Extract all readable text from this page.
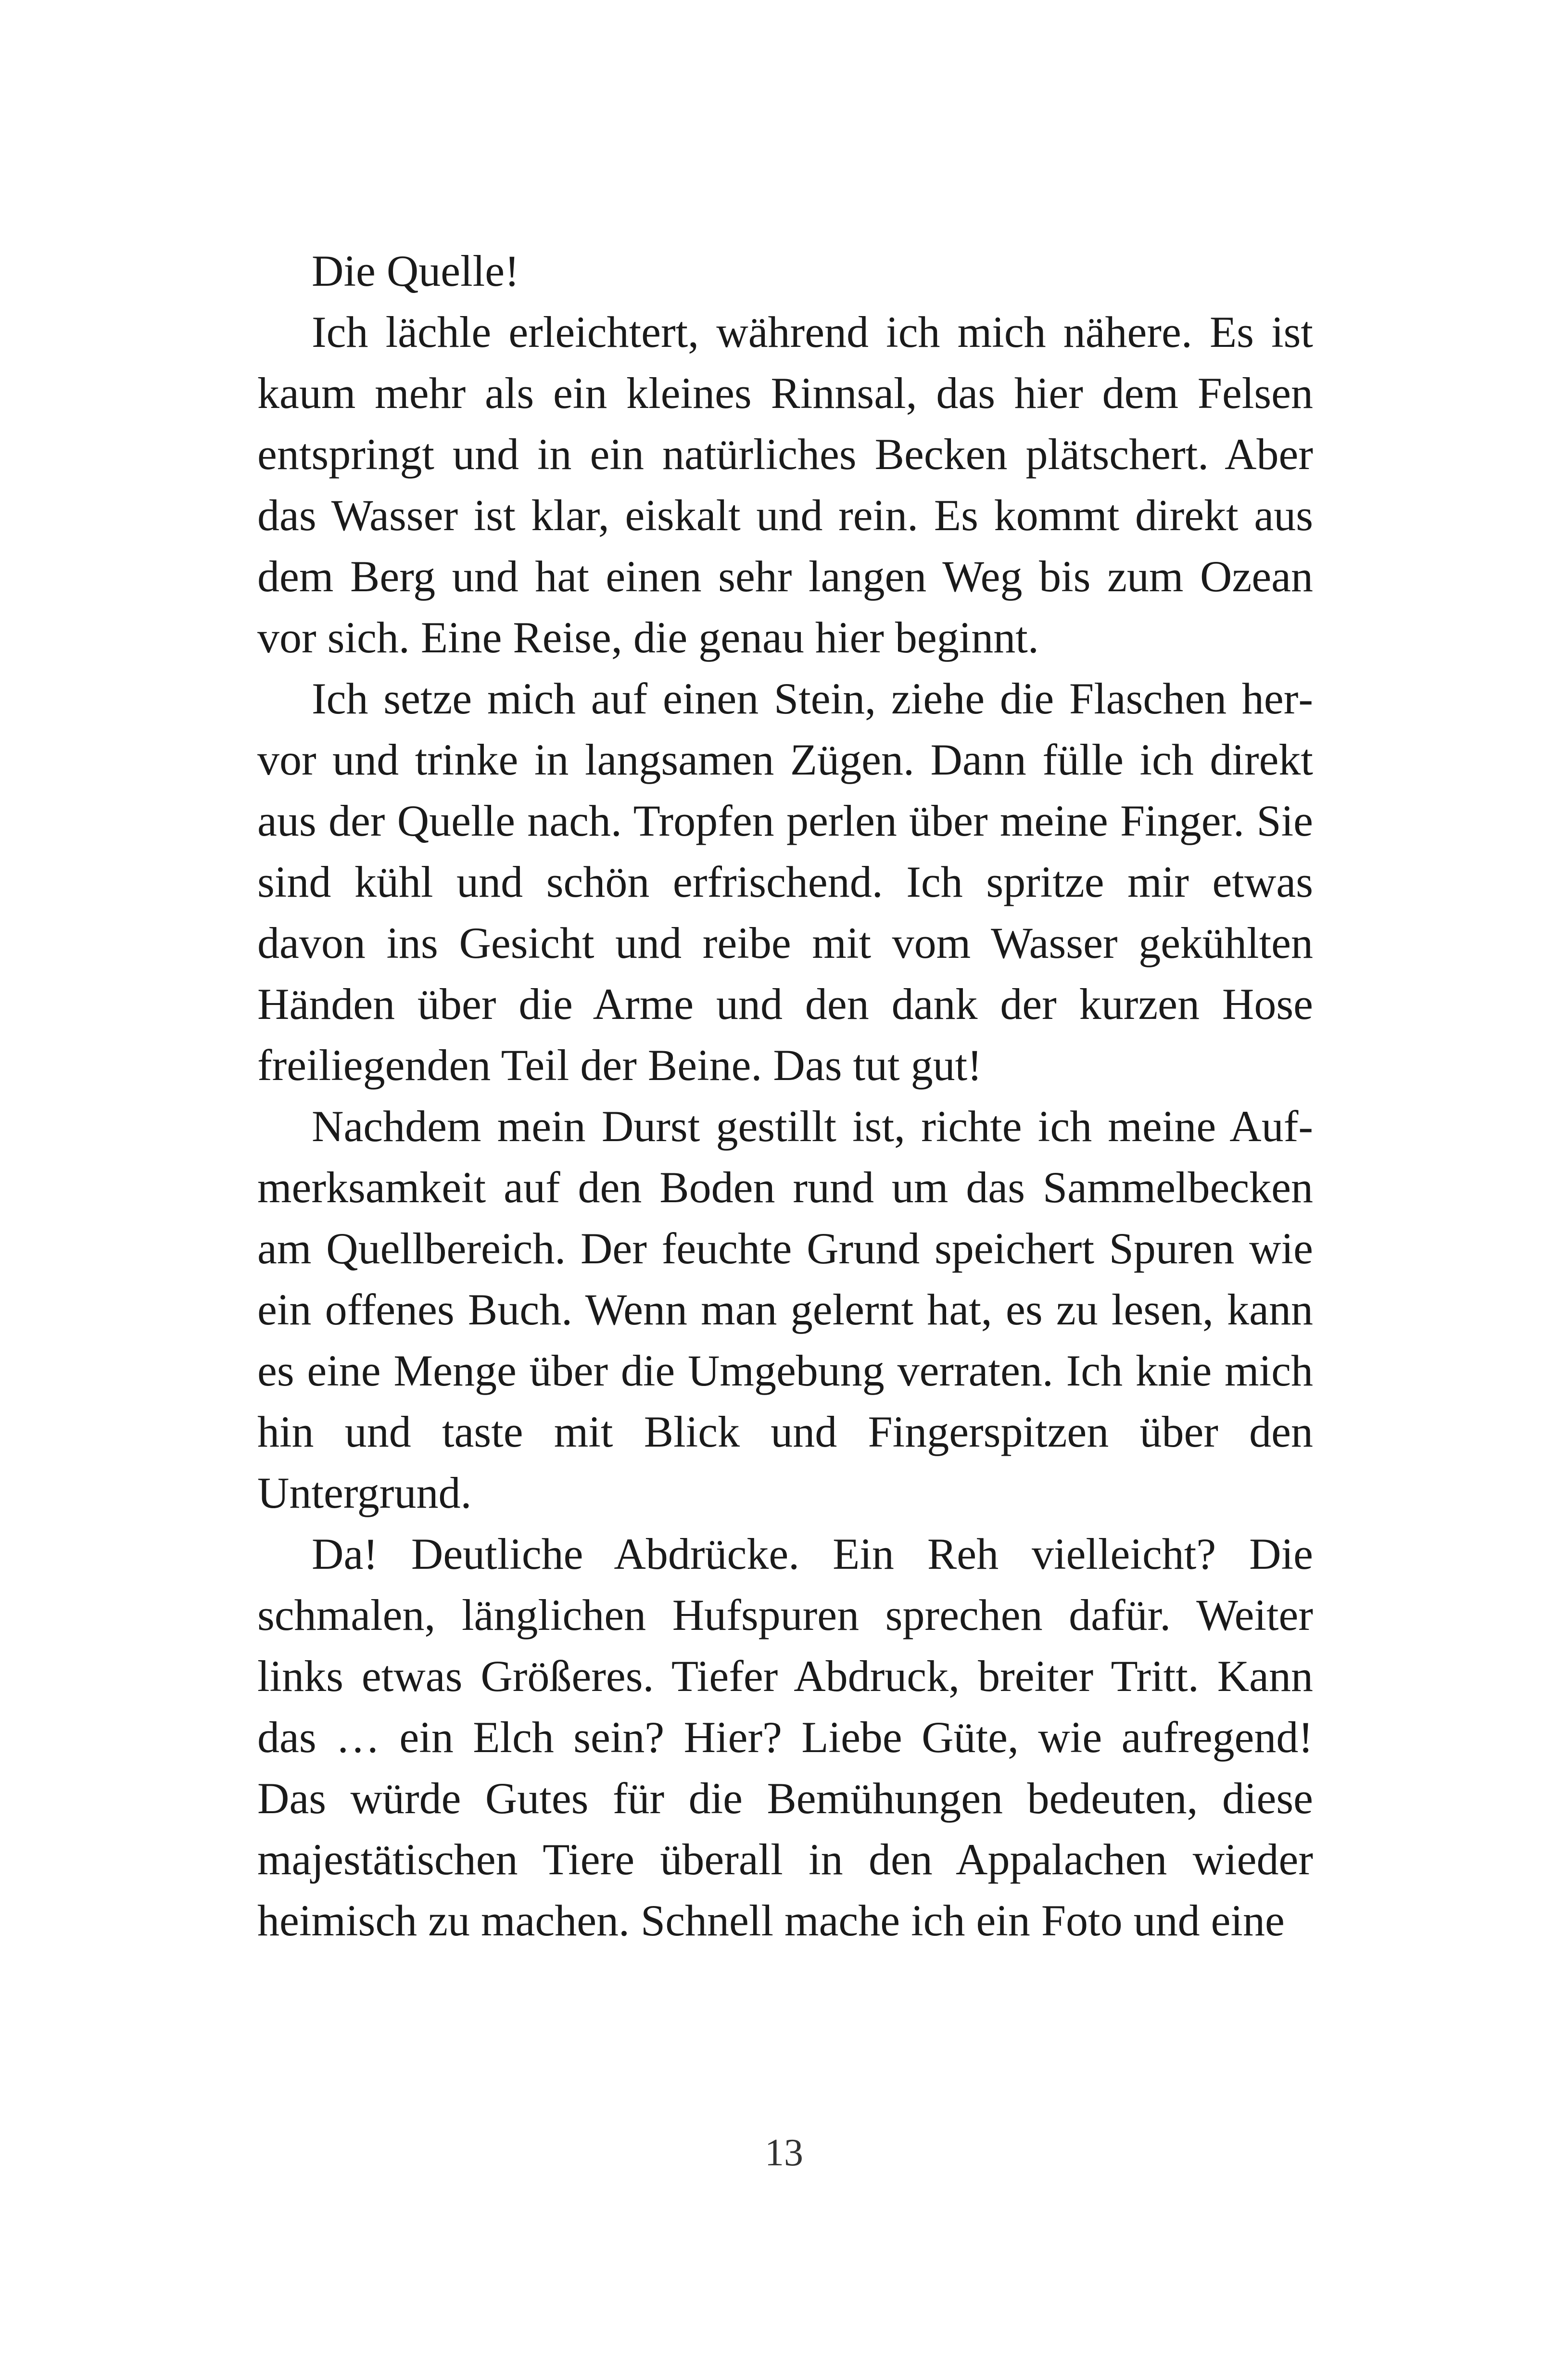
Die Quelle!

Ich lächle erleichtert, während ich mich nähere. Es ist kaum mehr als ein kleines Rinnsal, das hier dem Felsen entspringt und in ein natürliches Becken plätschert. Aber das Wasser ist klar, eiskalt und rein. Es kommt direkt aus dem Berg und hat einen sehr langen Weg bis zum Ozean vor sich. Eine Reise, die genau hier beginnt.

Ich setze mich auf einen Stein, ziehe die Flaschen hervor und trinke in langsamen Zügen. Dann fülle ich direkt aus der Quelle nach. Tropfen perlen über meine Finger. Sie sind kühl und schön erfrischend. Ich spritze mir etwas davon ins Gesicht und reibe mit vom Wasser gekühlten Händen über die Arme und den dank der kurzen Hose freiliegenden Teil der Beine. Das tut gut!

Nachdem mein Durst gestillt ist, richte ich meine Aufmerksamkeit auf den Boden rund um das Sammelbecken am Quellbereich. Der feuchte Grund speichert Spuren wie ein offenes Buch. Wenn man gelernt hat, es zu lesen, kann es eine Menge über die Umgebung verraten. Ich knie mich hin und taste mit Blick und Fingerspitzen über den Untergrund.

Da! Deutliche Abdrücke. Ein Reh vielleicht? Die schmalen, länglichen Hufspuren sprechen dafür. Weiter links etwas Größeres. Tiefer Abdruck, breiter Tritt. Kann das … ein Elch sein? Hier? Liebe Güte, wie aufregend! Das würde Gutes für die Bemühungen bedeuten, diese majestätischen Tiere überall in den Appalachen wieder heimisch zu machen. Schnell mache ich ein Foto und eine

13
